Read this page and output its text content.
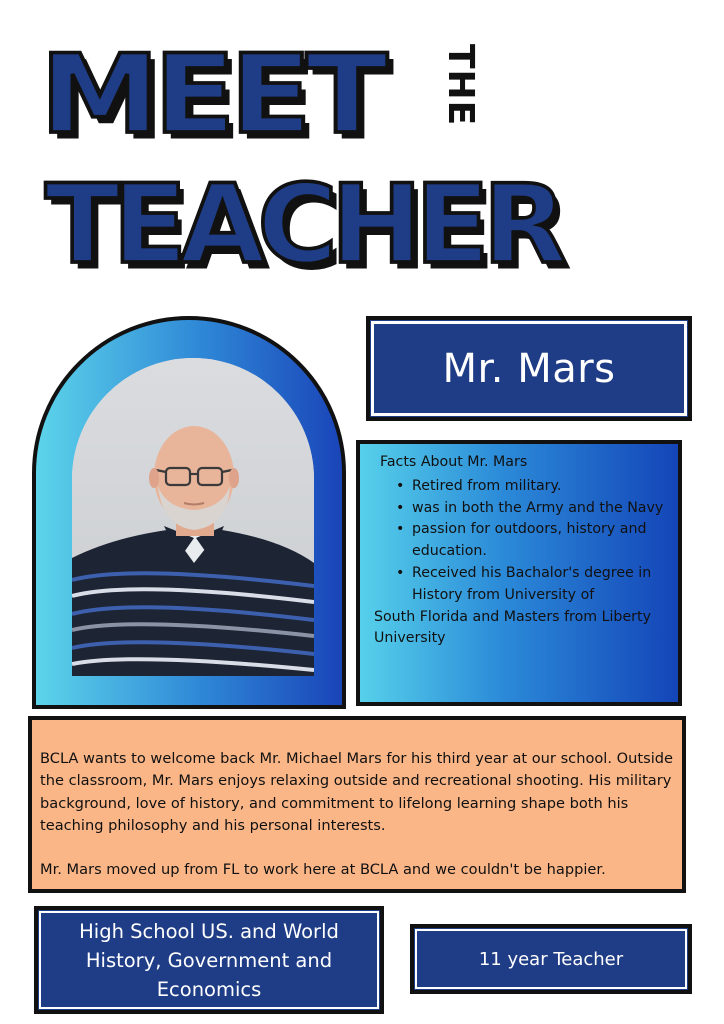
MEET THE
TEACHER
Mr. Mars
Facts About Mr. Mars
• Retired from military.
• was in both the Army and the Navy
• passion for outdoors, history and education.
• Received his Bachalor's degree in History from University of
South Florida and Masters from Liberty University

BCLA wants to welcome back Mr. Michael Mars for his third year at our school. Outside the classroom, Mr. Mars enjoys relaxing outside and recreational shooting. His military background, love of history, and commitment to lifelong learning shape both his teaching philosophy and his personal interests.

Mr. Mars moved up from FL to work here at BCLA and we couldn't be happier.

High School US. and World History, Government and Economics
11 year Teacher
